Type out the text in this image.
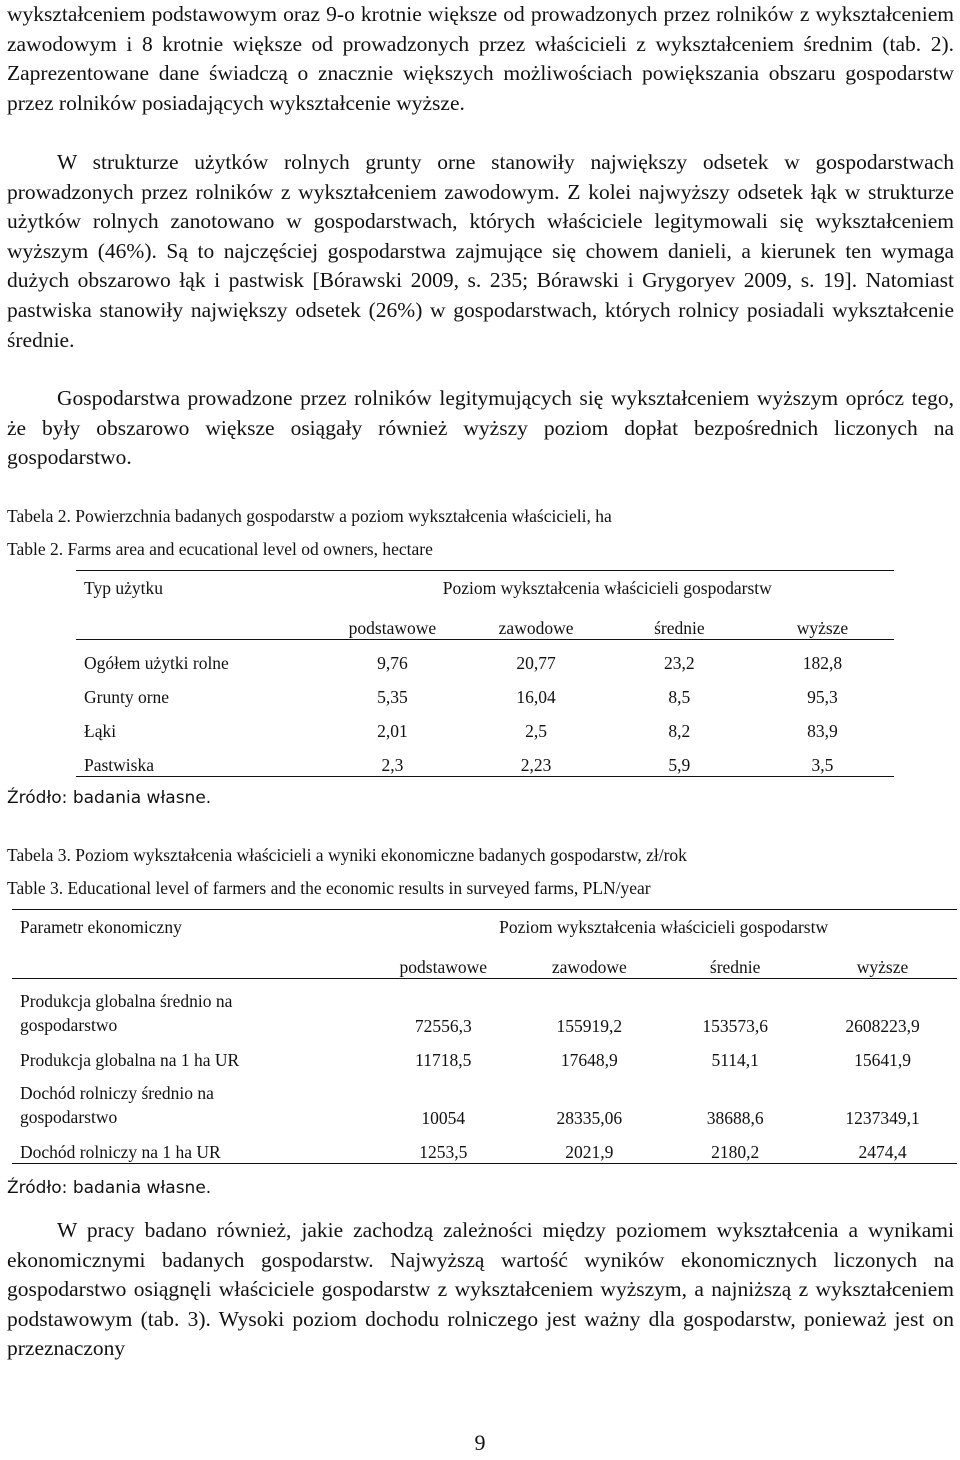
wykształceniem podstawowym oraz 9-o krotnie większe od prowadzonych przez rolników z wykształceniem zawodowym i 8 krotnie większe od prowadzonych przez właścicieli z wykształceniem średnim (tab. 2). Zaprezentowane dane świadczą o znacznie większych możliwościach powiększania obszaru gospodarstw przez rolników posiadających wykształcenie wyższe.

W strukturze użytków rolnych grunty orne stanowiły największy odsetek w gospodarstwach prowadzonych przez rolników z wykształceniem zawodowym. Z kolei najwyższy odsetek łąk w strukturze użytków rolnych zanotowano w gospodarstwach, których właściciele legitymowali się wykształceniem wyższym (46%). Są to najczęściej gospodarstwa zajmujące się chowem danieli, a kierunek ten wymaga dużych obszarowo łąk i pastwisk [Bórawski 2009, s. 235; Bórawski i Grygoryev 2009, s. 19]. Natomiast pastwiska stanowiły największy odsetek (26%) w gospodarstwach, których rolnicy posiadali wykształcenie średnie.

Gospodarstwa prowadzone przez rolników legitymujących się wykształceniem wyższym oprócz tego, że były obszarowo większe osiągały również wyższy poziom dopłat bezpośrednich liczonych na gospodarstwo.

Tabela 2. Powierzchnia badanych gospodarstw a poziom wykształcenia właścicieli, ha
Table 2. Farms area and ecucational level od owners, hectare
Typ użytku	Poziom wykształcenia właścicieli gospodarstw			
	podstawowe	zawodowe	średnie	wyższe
Ogółem użytki rolne	9,76	20,77	23,2	182,8
Grunty orne	5,35	16,04	8,5	95,3
Łąki	2,01	2,5	8,2	83,9
Pastwiska	2,3	2,23	5,9	3,5
Źródło: badania własne.
Tabela 3. Poziom wykształcenia właścicieli a wyniki ekonomiczne badanych gospodarstw, zł/rok
Table 3. Educational level of farmers and the economic results in surveyed farms, PLN/year
Parametr ekonomiczny	Poziom wykształcenia właścicieli gospodarstw			
	podstawowe	zawodowe	średnie	wyższe
Produkcja globalna średnio na
gospodarstwo	72556,3	155919,2	153573,6	2608223,9
Produkcja globalna na 1 ha UR	11718,5	17648,9	5114,1	15641,9
Dochód rolniczy średnio na
gospodarstwo	10054	28335,06	38688,6	1237349,1
Dochód rolniczy na 1 ha UR	1253,5	2021,9	2180,2	2474,4
Źródło: badania własne.

W pracy badano również, jakie zachodzą zależności między poziomem wykształcenia a wynikami ekonomicznymi badanych gospodarstw. Najwyższą wartość wyników ekonomicznych liczonych na gospodarstwo osiągnęli właściciele gospodarstw z wykształceniem wyższym, a najniższą z wykształceniem podstawowym (tab. 3). Wysoki poziom dochodu rolniczego jest ważny dla gospodarstw, ponieważ jest on przeznaczony

9
